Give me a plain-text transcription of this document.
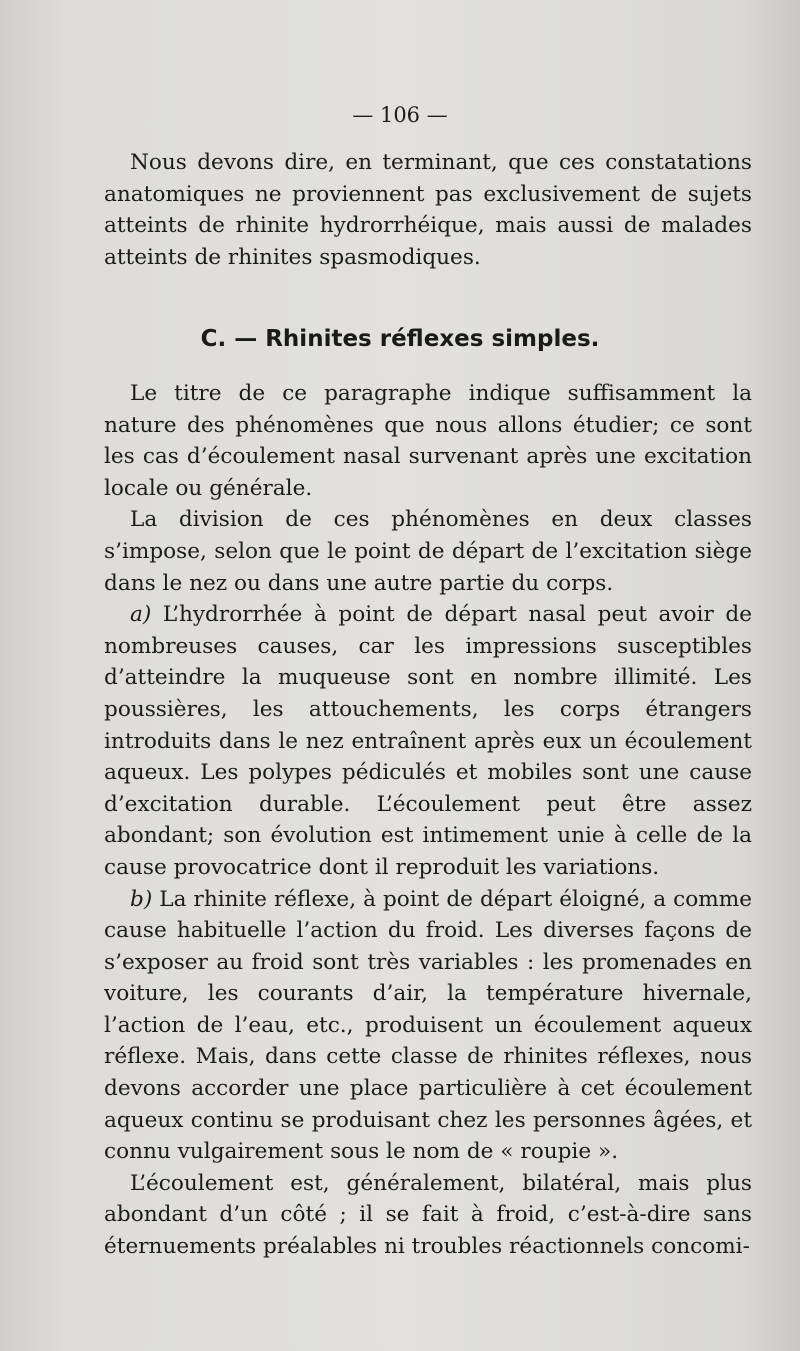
— 106 —

Nous devons dire, en terminant, que ces constatations anatomiques ne proviennent pas exclusivement de sujets atteints de rhinite hydrorrhéique, mais aussi de malades atteints de rhinites spasmodiques.

C. — Rhinites réflexes simples.

Le titre de ce paragraphe indique suffisamment la nature des phénomènes que nous allons étudier; ce sont les cas d’écoulement nasal survenant après une excitation locale ou générale.

La division de ces phénomènes en deux classes s’impose, selon que le point de départ de l’excitation siège dans le nez ou dans une autre partie du corps.

a) L’hydrorrhée à point de départ nasal peut avoir de nombreuses causes, car les impressions susceptibles d’atteindre la muqueuse sont en nombre illimité. Les poussières, les attouchements, les corps étrangers introduits dans le nez entraînent après eux un écoulement aqueux. Les polypes pédiculés et mobiles sont une cause d’excitation durable. L’écoulement peut être assez abondant; son évolution est intimement unie à celle de la cause provocatrice dont il reproduit les variations.

b) La rhinite réflexe, à point de départ éloigné, a comme cause habituelle l’action du froid. Les diverses façons de s’exposer au froid sont très variables : les promenades en voiture, les courants d’air, la température hivernale, l’action de l’eau, etc., produisent un écoulement aqueux réflexe. Mais, dans cette classe de rhinites réflexes, nous devons accorder une place particulière à cet écoulement aqueux continu se produisant chez les personnes âgées, et connu vulgairement sous le nom de « roupie ».

L’écoulement est, généralement, bilatéral, mais plus abondant d’un côté ; il se fait à froid, c’est-à-dire sans éternuements préalables ni troubles réactionnels concomi-
